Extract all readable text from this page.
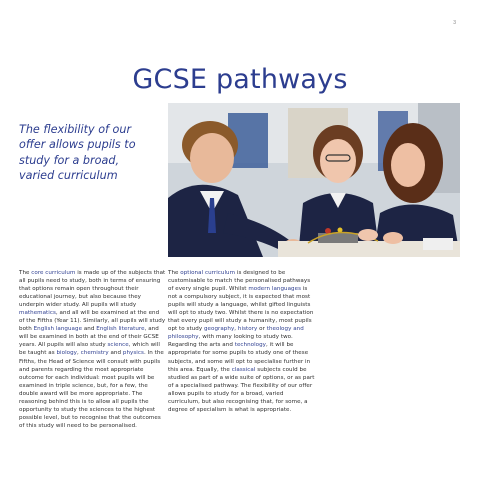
3
GCSE pathways
The flexibility of our offer allows pupils to study for a broad, varied curriculum
The core curriculum is made up of the subjects that all pupils need to study, both in terms of ensuring that options remain open throughout their educational journey, but also because they underpin wider study. All pupils will study mathematics, and all will be examined at the end of the Fifths (Year 11). Similarly, all pupils will study both English language and English literature, and will be examined in both at the end of their GCSE years. All pupils will also study science, which will be taught as biology, chemistry and physics. In the Fifths, the Head of Science will consult with pupils and parents regarding the most appropriate outcome for each individual: most pupils will be examined in triple science, but, for a few, the double award will be more appropriate. The reasoning behind this is to allow all pupils the opportunity to study the sciences to the highest possible level, but to recognise that the outcomes of this study will need to be personalised.
The optional curriculum is designed to be customisable to match the personalised pathways of every single pupil. Whilst modern languages is not a compulsory subject, it is expected that most pupils will study a language, whilst gifted linguists will opt to study two. Whilst there is no expectation that every pupil will study a humanity, most pupils opt to study geography, history or theology and philosophy, with many looking to study two. Regarding the arts and technology, it will be appropriate for some pupils to study one of these subjects, and some will opt to specialise further in this area. Equally, the classical subjects could be studied as part of a wide suite of options, or as part of a specialised pathway. The flexibility of our offer allows pupils to study for a broad, varied curriculum, but also recognising that, for some, a degree of specialism is what is appropriate.
